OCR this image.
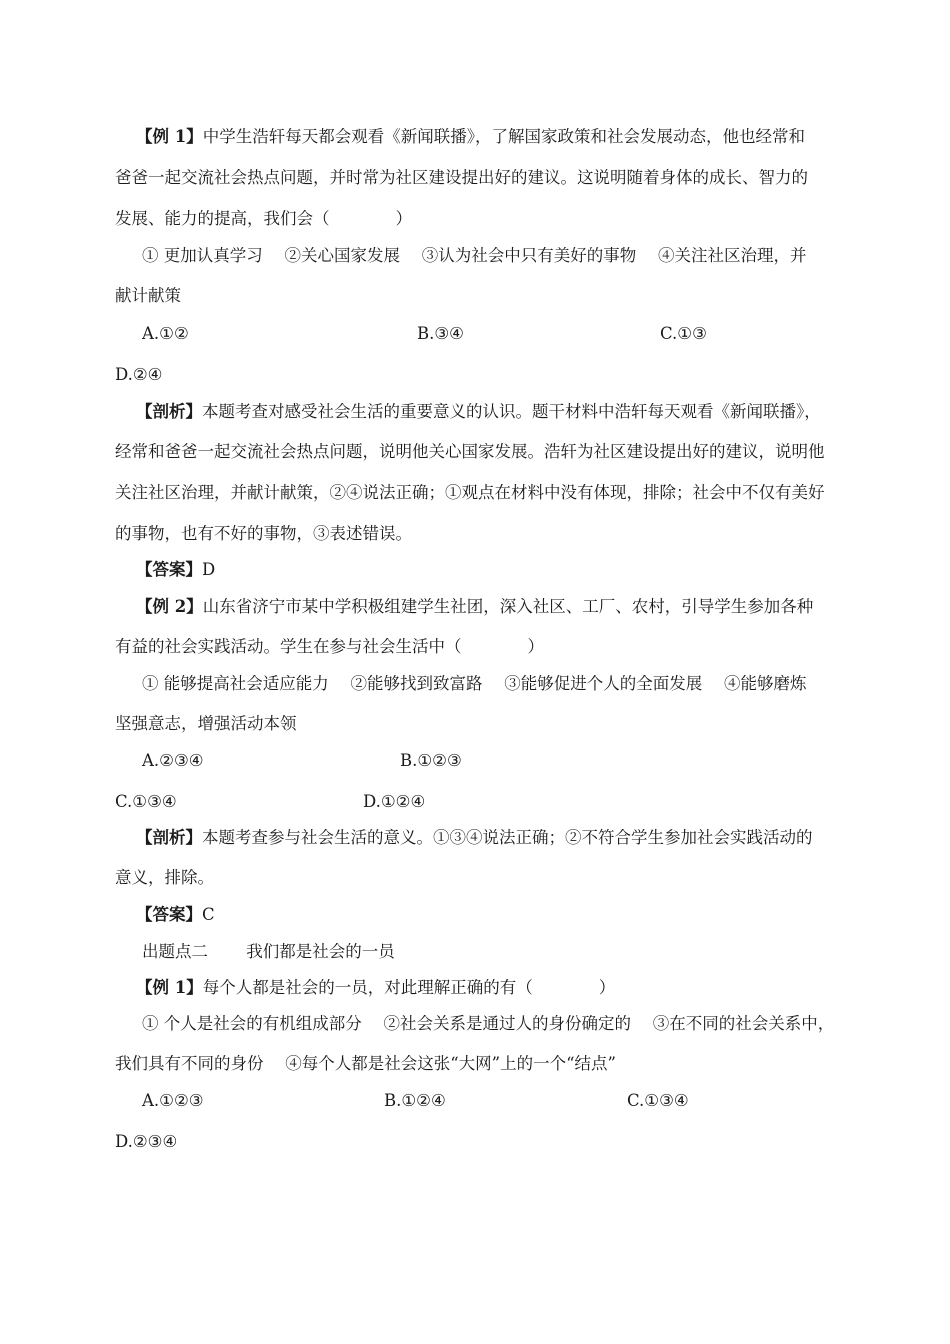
【例 1】中学生浩轩每天都会观看《新闻联播》，了解国家政策和社会发展动态，他也经常和
爸爸一起交流社会热点问题，并时常为社区建设提出好的建议。这说明随着身体的成长、智力的
发展、能力的提高，我们会（　　　　）
① 更加认真学习　 ②关心国家发展　 ③认为社会中只有美好的事物　 ④关注社区治理，并
献计献策
A.①②	B.③④	C.①③
D.②④
【剖析】本题考查对感受社会生活的重要意义的认识。题干材料中浩轩每天观看《新闻联播》，
经常和爸爸一起交流社会热点问题，说明他关心国家发展。浩轩为社区建设提出好的建议，说明他
关注社区治理，并献计献策，②④说法正确；①观点在材料中没有体现，排除；社会中不仅有美好
的事物，也有不好的事物，③表述错误。
【答案】D
【例 2】山东省济宁市某中学积极组建学生社团，深入社区、工厂、农村，引导学生参加各种
有益的社会实践活动。学生在参与社会生活中（　　　　）
① 能够提高社会适应能力　 ②能够找到致富路　 ③能够促进个人的全面发展　 ④能够磨炼
坚强意志，增强活动本领
A.②③④	B.①②③
C.①③④	D.①②④
【剖析】本题考查参与社会生活的意义。①③④说法正确；②不符合学生参加社会实践活动的
意义，排除。
【答案】C
出题点二　　 我们都是社会的一员
【例 1】每个人都是社会的一员，对此理解正确的有（　　　　）
① 个人是社会的有机组成部分　 ②社会关系是通过人的身份确定的　 ③在不同的社会关系中，
我们具有不同的身份　 ④每个人都是社会这张“大网”上的一个“结点”
A.①②③	B.①②④	C.①③④
D.②③④
